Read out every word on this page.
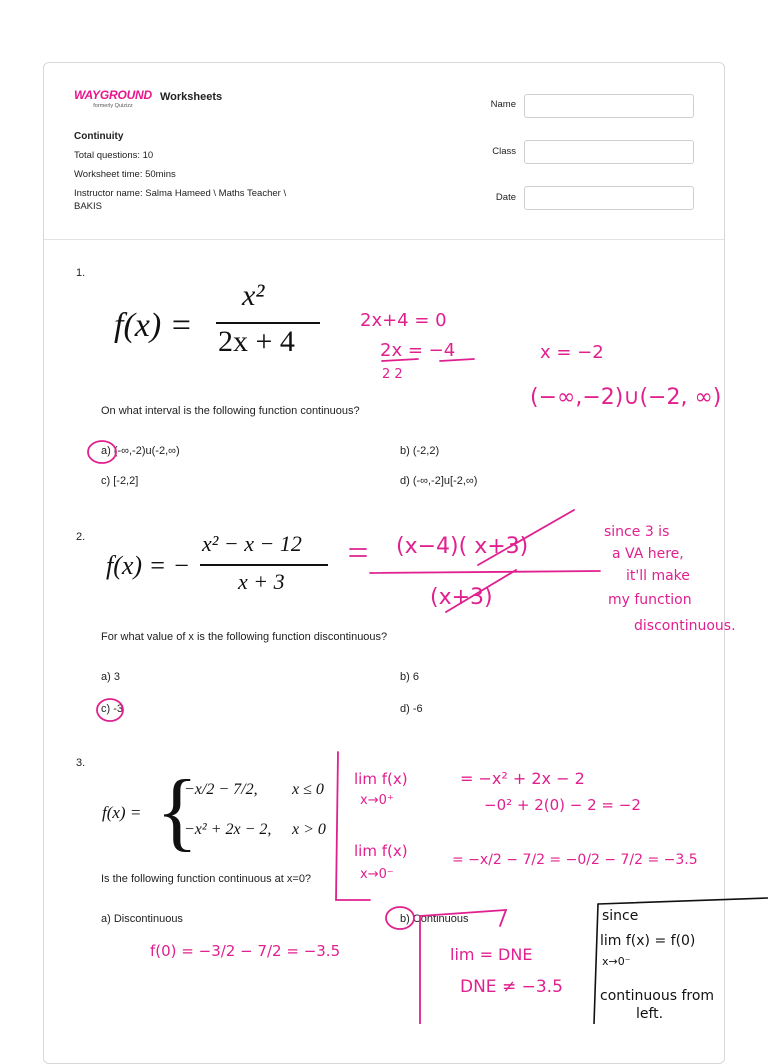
WAYGROUND
formerly Quizizz
Worksheets
Continuity
Total questions: 10
Worksheet time: 50mins
Instructor name: Salma Hameed \ Maths Teacher \ BAKIS
Name
Class
Date
1.
f(x) =
x²
2x + 4
On what interval is the following function continuous?
a) (-∞,-2)u(-2,∞)	b) (-2,2)
c) [-2,2]	d) (-∞,-2]u[-2,∞)
2.
f(x) = −
x² − x − 12
x + 3
For what value of x is the following function discontinuous?
a) 3	b) 6
c) -3	d) -6
3.
f(x) = {
−x/2 − 7/2, x ≤ 0
−x² + 2x − 2, x > 0
Is the following function continuous at x=0?
a) Discontinuous	b) Continuous
2x+4 = 0
2x = −4
2 2
x = −2
(−∞,−2)∪(−2, ∞)
(x−4)( x+3)
(x+3)
since 3 is
a VA here,
it'll make
my function
discontinuous.
lim f(x)
x→0⁺
= −x² + 2x − 2
−0² + 2(0) − 2 = −2
lim f(x)
x→0⁻
= −x/2 − 7/2 = −0/2 − 7/2 = −3.5
f(0) = −3/2 − 7/2 = −3.5	lim = DNE
DNE ≠ −3.5
since
lim f(x) = f(0)
x→0⁻
continuous from
left.
